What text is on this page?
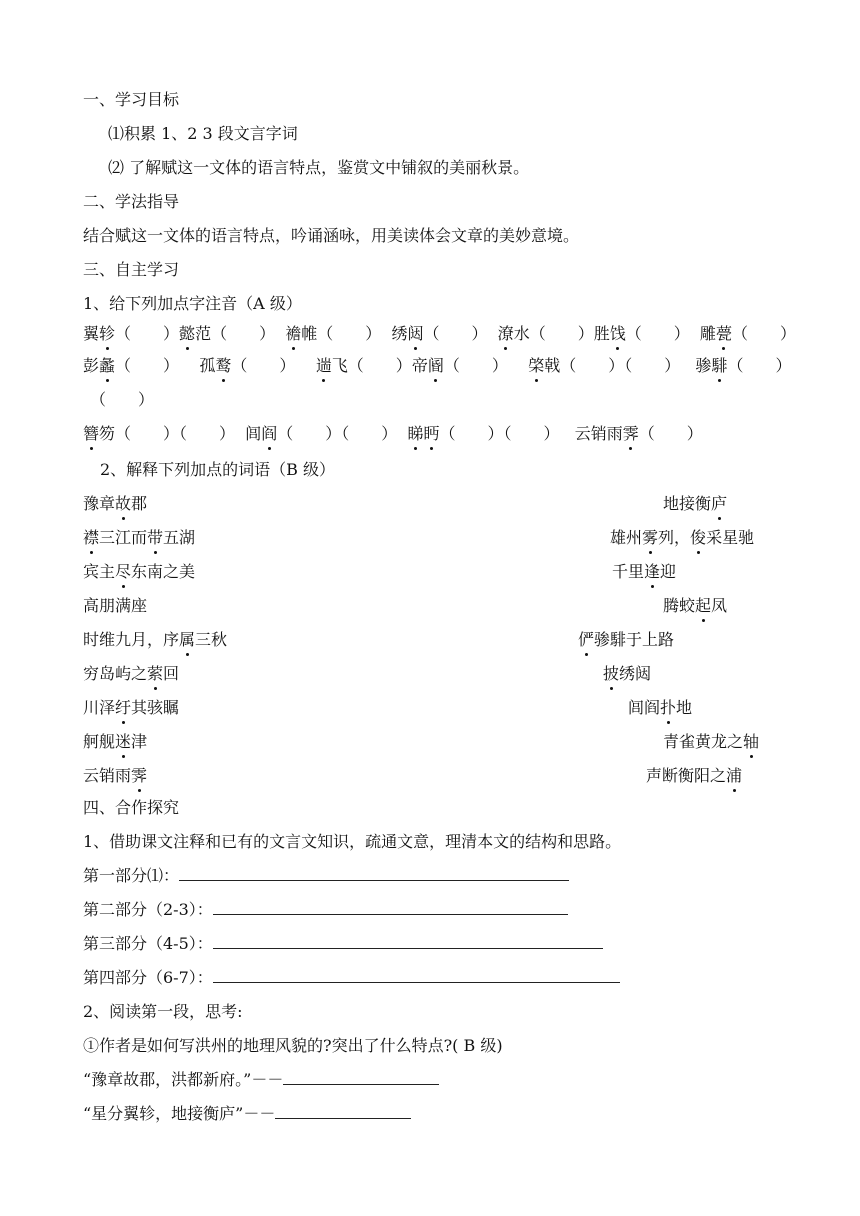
一、学习目标
⑴积累 1、2 3 段文言字词
⑵ 了解赋这一文体的语言特点，鉴赏文中铺叙的美丽秋景。
二、学法指导
结合赋这一文体的语言特点，吟诵涵咏，用美读体会文章的美妙意境。
三、自主学习
1、给下列加点字注音（A 级）
翼轸
（　　）懿
范（　　） 襜
帷（　　） 绣闼
（　　） 潦
水（　　）胜饯
（　　） 雕甍
（　　）
彭蠡
（　　） 孤鹜
（　　） 遄
飞（　　）帝阍
（　　） 棨
戟（　　）（　　） 骖騑
（　　）
（　　）
簪
笏（　　）（　　） 闾阎
（　　）（　　） 睇
眄
（　　）（　　） 云销雨霁
（　　）
2、解释下列加点的词语（B 级）
豫章故
郡
襟
三江而带
五湖
宾主尽
东南之美
高朋满座
时维九月，序属
三秋
穷岛屿之萦
回
川泽纡
其骇瞩
舸舰迷
津
云销雨霁
地接衡庐
雄州雾
列，俊
采星驰
千里逢
迎
腾蛟起
凤
俨
骖騑于上路
披
绣闼
闾阎扑
地
青雀黄龙之轴
声断衡阳之浦
四、合作探究
1、借助课文注释和已有的文言文知识，疏通文意，理清本文的结构和思路。
第一部分⑴：
第二部分（2-3）：
第三部分（4-5）：
第四部分（6-7）：
2、阅读第一段，思考:
①作者是如何写洪州的地理风貌的?突出了什么特点?( B 级)
“豫章故郡，洪都新府。”－－
“星分翼轸，地接衡庐”－－
